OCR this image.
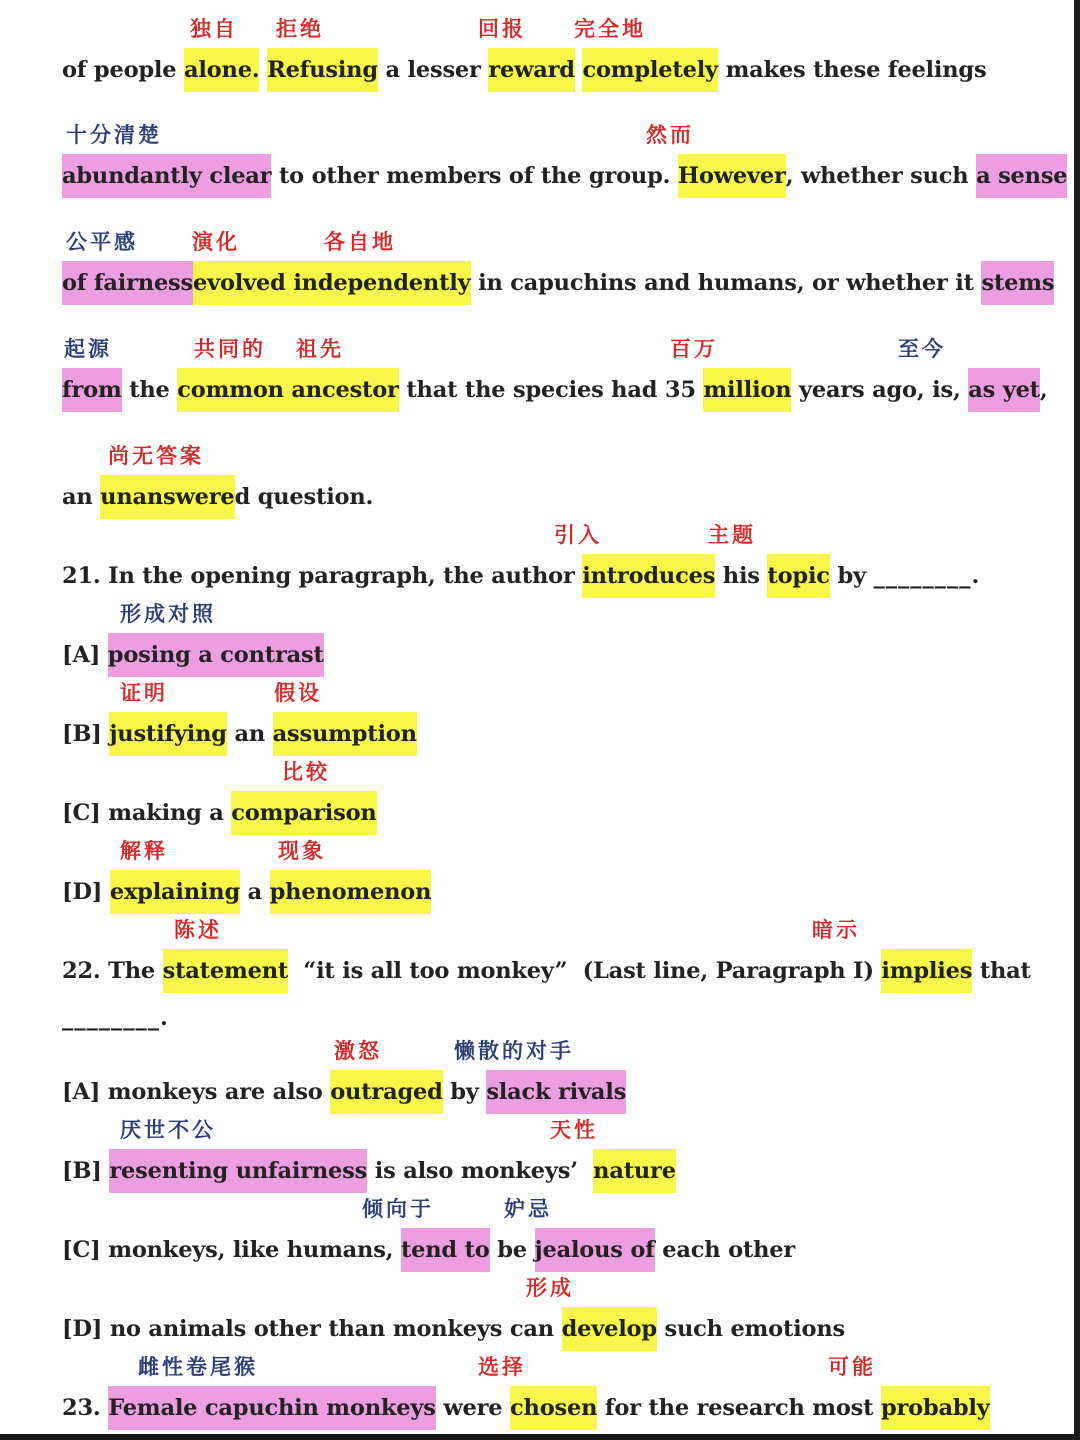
独自 拒绝	回报 完全地
of people alone. Refusing a lesser reward completely makes these feelings
十分清楚	然而
abundantly clear to other members of the group. However, whether such a sense
公平感	演化	各自地
of fairnessevolved independently in capuchins and humans, or whether it stems
起源	共同的 祖先	百万	至今
from the common ancestor that the species had 35 million years ago, is, as yet,
尚无答案
an unanswered question.
引入	主题
21. In the opening paragraph, the author introduces his topic by ________.
形成对照
[A] posing a contrast
证明	假设
[B] justifying an assumption
比较
[C] making a comparison
解释	现象
[D] explaining a phenomenon
陈述	暗示
22. The statement  “it is all too monkey”  (Last line, Paragraph I) implies that
________.
激怒	懒散的对手
[A] monkeys are also outraged by slack rivals
厌世不公	天性
[B] resenting unfairness is also monkeys’  nature
倾向于	妒忌
[C] monkeys, like humans, tend to be jealous of each other
形成
[D] no animals other than monkeys can develop such emotions
雌性卷尾猴	选择	可能
23. Female capuchin monkeys were chosen for the research most probably
